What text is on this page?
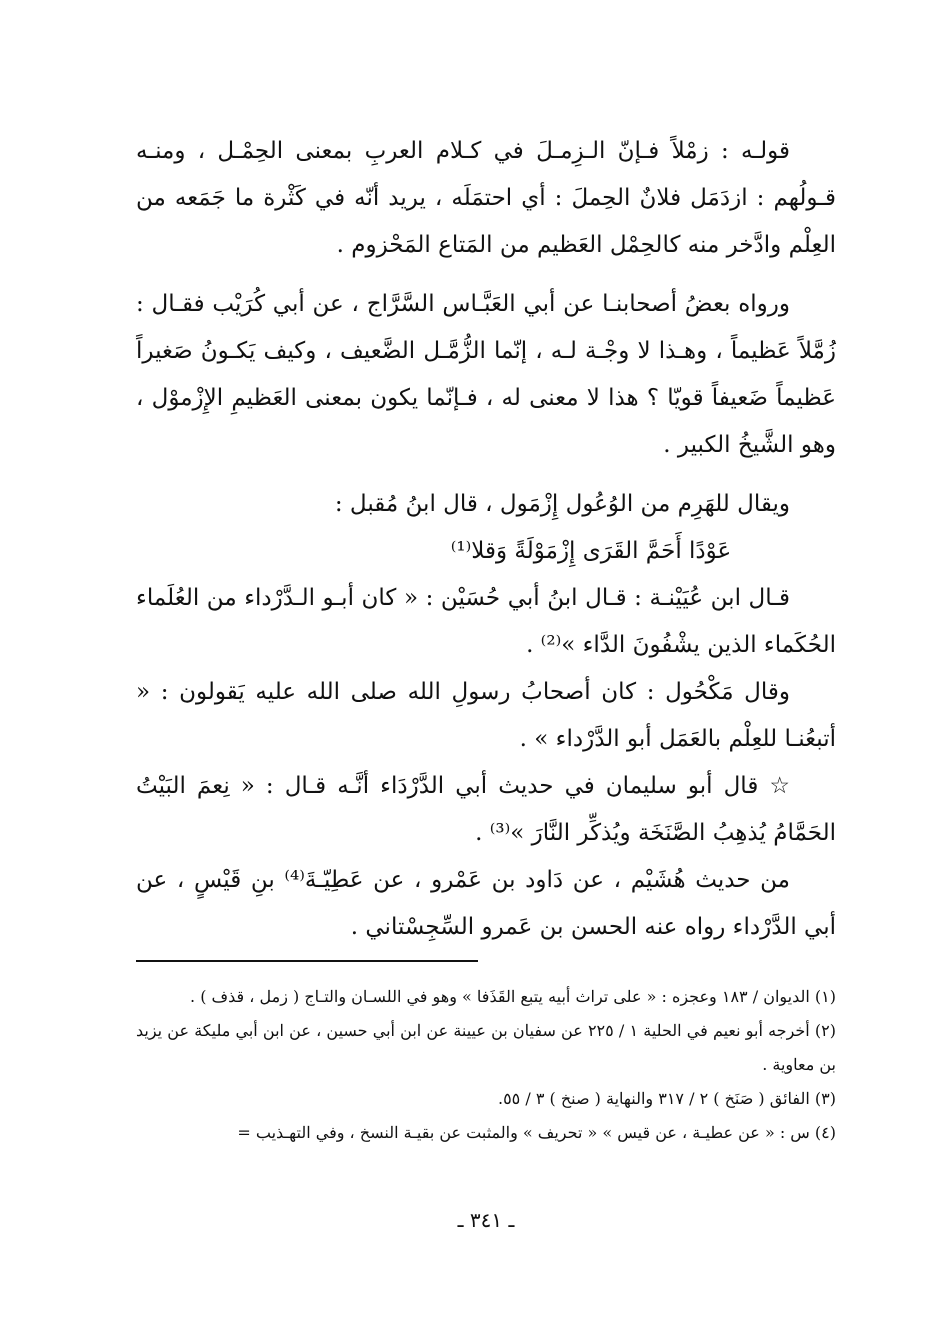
قولـه : زمْلاً فـإنّ الـزِمـلَ في كـلام العربِ بمعنى الحِمْـل ، ومنـه قـولُهم : ازدَمَل فلانٌ الحِملَ : أي احتمَلَه ، يريد أنّه في كَثْرة ما جَمَعه من العِلْم وادَّخر منه كالحِمْل العَظيم من المَتاع المَحْزوم .

ورواه بعضُ أصحابنـا عن أبي العَبَّـاس السَّرَّاج ، عن أبي كُرَيْب فقـال : زُمَّلاً عَظيماً ، وهـذا لا وجْـة لـه ، إنّما الزُّمَّـل الضَّعيف ، وكيف يَكـونُ صَغيراً عَظيماً ضَعيفاً قويّا ؟ هذا لا معنى له ، فـإنّما يكون بمعنى العَظيمِ الإِزْموْل ، وهو الشَّيخُ الكبير .

ويقال للهَرِم من الوُعُول إِزْمَول ، قال ابنُ مُقبل :

عَوْدًا أَحَمَّ القَرَى إِزْمَوْلَةً وَقلا⁽¹⁾

قـال ابن عُيَيْنـة : قـال ابنُ أبي حُسَيْن : « كان أبـو الـدَّرْداء من العُلَماء الحُكَماء الذين يشْفُونَ الدَّاء »⁽²⁾ .

وقال مَكْحُول : كان أصحابُ رسولِ الله صلى الله عليه يَقولون : « أتبعُنـا للعِلْم بالعَمَل أبو الدَّرْداء » .

☆ قال أبو سليمان في حديث أبي الدَّرْدَاء أنَّـه قـال : « نِعمَ البَيْتُ الحَمَّامُ يُذهِبُ الصَّنَخَة ويُذكِّر النَّارَ »⁽³⁾ .

من حديث هُشَيْم ، عن دَاود بن عَمْرو ، عن عَطِيّـةَ⁽⁴⁾ بنِ قَيْسٍ ، عن أبي الدَّرْداء رواه عنه الحسن بن عَمرو السِّجِسْتاني .

(١) الديوان / ١٨٣ وعجزه : « على تراث أبيه يتبع القَذَفا » وهو في اللسـان والتـاج ( زمل ، قذف ) .

(٢) أخرجه أبو نعيم في الحلية ١ / ٢٢٥ عن سفيان بن عيينة عن ابن أبي حسين ، عن ابن أبي مليكة عن يزيد بن معاوية .

(٣) الفائق ( صَنَخ ) ٢ / ٣١٧ والنهاية ( صنخ ) ٣ / ٥٥.

(٤) س : « عن عطيـة ، عن قيس » « تحريف » والمثبت عن بقيـة النسخ ، وفي التهـذيب =

ـ ٣٤١ ـ
